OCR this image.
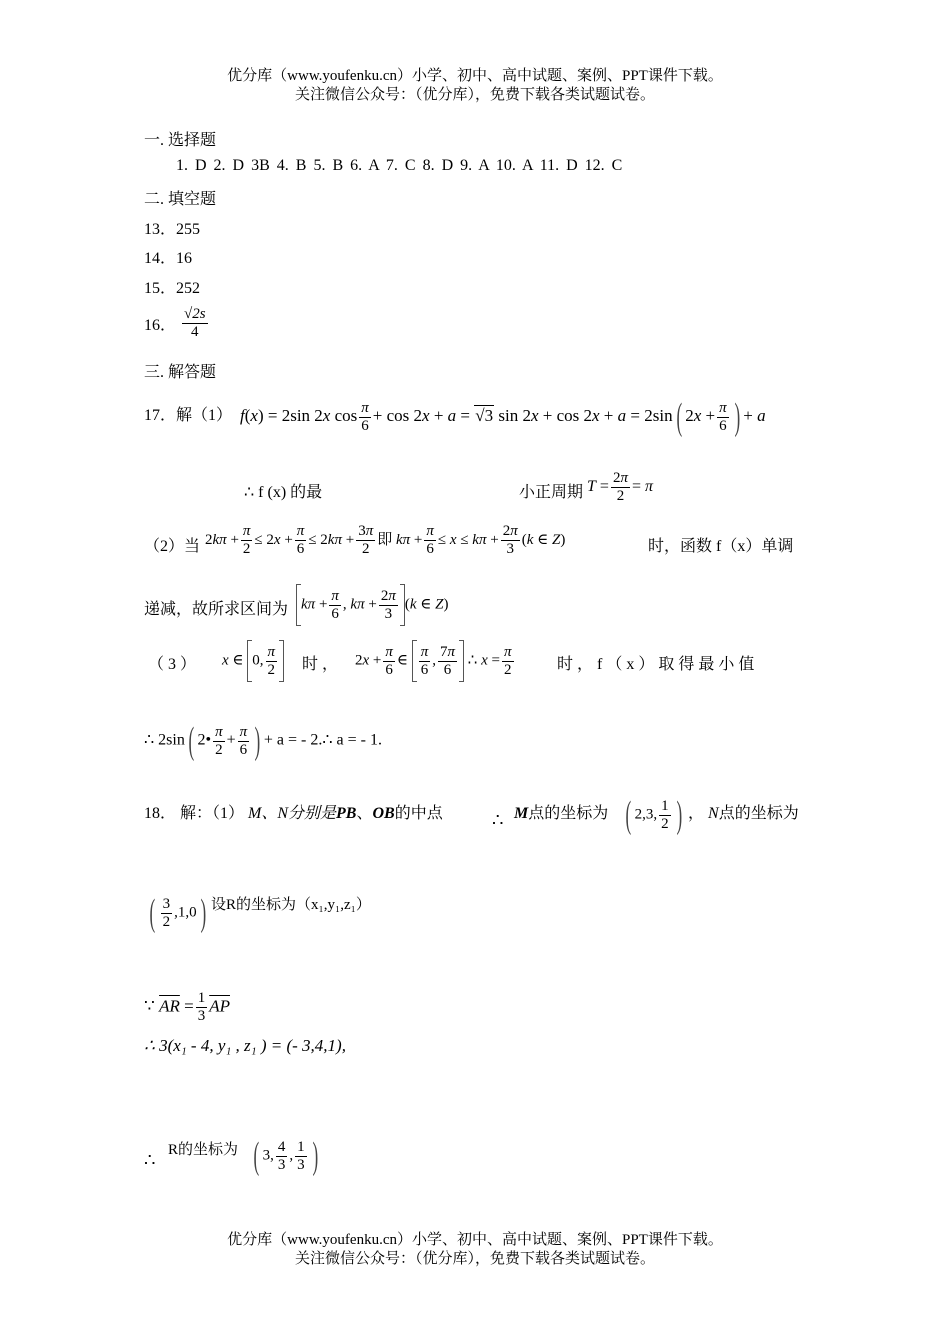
优分库（www.youfenku.cn）小学、初中、高中试题、案例、PPT课件下载。
关注微信公众号：（优分库），免费下载各类试题试卷。
一. 选择题
1. D 2. D 3B 4. B 5. B 6. A 7. C 8. D 9. A 10. A 11. D 12. C
二. 填空题
13．255
14．16
15．252
16． $\frac{√2s}{4}$
三. 解答题
17．解（1） f(x) = 2sin 2x $\cos \frac{\pi}{6} + \cos 2x + a = √3$ sin 2x + cos 2x + a = 2sin( $2x + \frac{\pi}{6}$ ) + a
∴ f (x) 的最	小正周期 $T = \frac{2\pi}{2} = \pi$
（2）当 $2k\pi + \frac{\pi}{2} \le 2x + \frac{\pi}{6} \le 2k\pi + \frac{3\pi}{2}$ 即 $k\pi + \frac{\pi}{6} \le x \le k\pi + \frac{2\pi}{3} (k$ ∈ Z)	时，函数 f（x）单调
递减，故所求区间为 $k\pi + \frac{\pi}{6}$ , $k\pi + \frac{2\pi}{3} (k$ ∈ Z)
（ 3 ） x ∈ 0, $\frac{\pi}{2}$ 时 ， $2x + \frac{\pi}{6}$ ∈ $\frac{\pi}{6}$ , $\frac{7\pi}{6}$ ∴ $x = \frac{\pi}{2}$	时 ， f （ x ） 取 得 最 小 值
∴ 2sin( 2• $\frac{\pi}{2} + \frac{\pi}{6}$ ) + a = - 2.∴ a = - 1.
18． 解：（1） M、N分别是PB、OB的中点	∴ M点的坐标为 ( 2,3, $\frac{1}{2}$ ) ， N点的坐标为
( $\frac{3}{2} ,1,0$) 设R的坐标为（x₁,y₁,z₁）
∵ $\overline{AR} = \frac{1}{3} \overline{AP}$
∴ 3(x₁ - 4, y₁ , z₁ ) = (- 3,4,1),
∴ R的坐标为 ( 3, $\frac{4}{3}$ , $\frac{1}{3}$ )
优分库（www.youfenku.cn）小学、初中、高中试题、案例、PPT课件下载。
关注微信公众号：（优分库），免费下载各类试题试卷。
